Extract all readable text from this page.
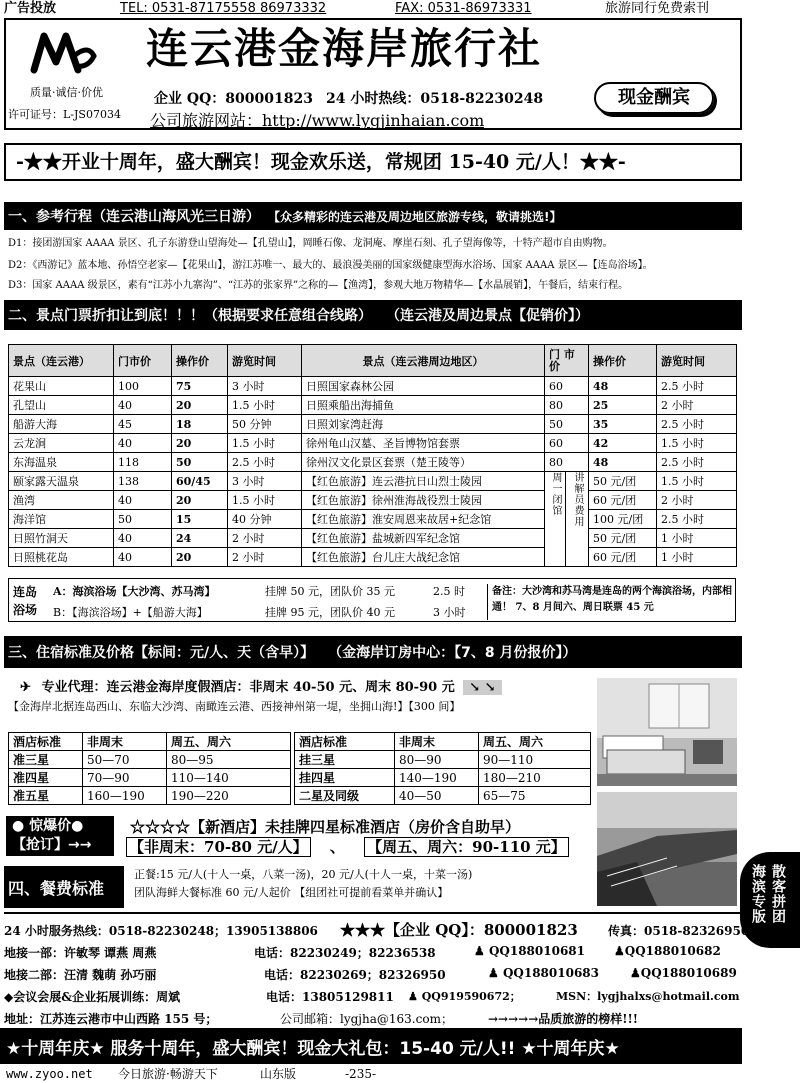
广告投放	TEL: 0531-87175558 86973332	FAX: 0531-86973331	旅游同行免费索刊
连云港金海岸旅行社
质量·诚信·价优
许可证号：L-JS07034
企业 QQ：800001823 24 小时热线：0518-82230248
公司旅游网站：http://www.lygjinhaian.com
现金酬宾
-★★开业十周年，盛大酬宾！现金欢乐送，常规团 15-40 元/人！★★-
一、参考行程（连云港山海风光三日游） 【众多精彩的连云港及周边地区旅游专线，敬请挑选!】
D1：接团游国家 AAAA 景区、孔子东游登山望海处—【孔望山】，岡睡石像、龙洞庵、摩崖石刻、孔子望海像等，十特产超市自由购物。
D2：《西游记》蓝本地、孙悟空老家—【花果山】，游江苏唯一、最大的、最浪漫美丽的国家级健康型海水浴场、国家 AAAA 景区—【连岛浴场】。
D3：国家 AAAA 级景区，素有“江苏小九寨沟”、“江苏的张家界”之称的—【渔湾】，参观大地万物精华—【水晶展销】，午餐后，结束行程。
二、景点门票折扣让到底！！！（根据要求任意组合线路） （连云港及周边景点【促销价】）
景点（连云港）	门市价	操作价	游览时间	景点（连云港周边地区）	门 市价	操作价	游览时间
花果山	100	75	3 小时	日照国家森林公园	60	48	2.5 小时
孔望山	40	20	1.5 小时	日照乘船出海捕鱼	80	25	2 小时
船游大海	45	18	50 分钟	日照刘家湾赶海	50	35	2.5 小时
云龙涧	40	20	1.5 小时	徐州龟山汉墓、圣旨博物馆套票	60	42	1.5 小时
东海温泉	118	50	2.5 小时	徐州汉文化景区套票（楚王陵等）	80	48	2.5 小时
颐家露天温泉	138	60/45	3 小时	【红色旅游】连云港抗日山烈士陵园	周一闭馆 讲解员费用	50 元/团	1.5 小时
渔湾	40	20	1.5 小时	【红色旅游】徐州淮海战役烈士陵园		60 元/团	2 小时
海洋馆	50	15	40 分钟	【红色旅游】淮安周恩来故居+纪念馆		100 元/团	2.5 小时
日照竹洞天	40	24	2 小时	【红色旅游】盐城新四军纪念馆		50 元/团	1 小时
日照桃花岛	40	20	2 小时	【红色旅游】台儿庄大战纪念馆		60 元/团	1 小时
连岛浴场
A：海滨浴场【大沙湾、苏马湾】	挂牌 50 元，团队价 35 元	2.5 时
B：【海滨浴场】+【船游大海】	挂牌 95 元，团队价 40 元	3 小时
备注：大沙湾和苏马湾是连岛的两个海滨浴场，内部相通！ 7、8 月间六、周日联票 45 元
三、住宿标准及价格【标间：元/人、天（含早）】 （金海岸订房中心：【7、8 月份报价】）
✈ 专业代理：连云港金海岸度假酒店：非周末 40-50 元、周末 80-90 元 ↘ ↘
【金海岸北据连岛西山、东临大沙湾、南瞰连云港、西接神州第一堤，坐拥山海!】【300 间】
酒店标准	非周末	周五、周六
准三星	50—70	80—95
准四星	70—90	110—140
准五星	160—190	190—220
酒店标准	非周末	周五、周六
挂三星	80—90	90—110
挂四星	140—190	180—210
二星及同级	40—50	65—75
● 惊爆价●
【抢订】→→
☆☆☆☆【新酒店】未挂牌四星标准酒店（房价含自助早）
【非周末：70-80 元/人】 、 【周五、周六：90-110 元】
四、餐费标准
正餐:15 元/人(十人一桌，八菜一汤)，20 元/人(十人一桌，十菜一汤)
团队海鲜大餐标准 60 元/人起价 【组团社可提前看菜单并确认】	散客拼团
海滨专版
24 小时服务热线：0518-82230248；13905138806 ★★★【企业 QQ】：800001823	传真：0518-82326950
地接一部：许敏琴 谭燕 周燕	电话：82230249；82236538	♟ QQ188010681 ♟QQ188010682
地接二部：汪清 魏萌 孙巧丽	电话：82230269；82326950	♟ QQ188010683	♟QQ188010689
◆会议会展&企业拓展训练：周斌	电话：13805129811 ♟ QQ919590672；	MSN：lygjhalxs@hotmail.com
地址：江苏连云港市中山西路 155 号；	公司邮箱：lygjha@163.com；	→→→→→品质旅游的榜样!!!
★十周年庆★ 服务十周年，盛大酬宾！现金大礼包：15-40 元/人!! ★十周年庆★
www.zyoo.net 今日旅游·畅游天下	山东版	-235-
